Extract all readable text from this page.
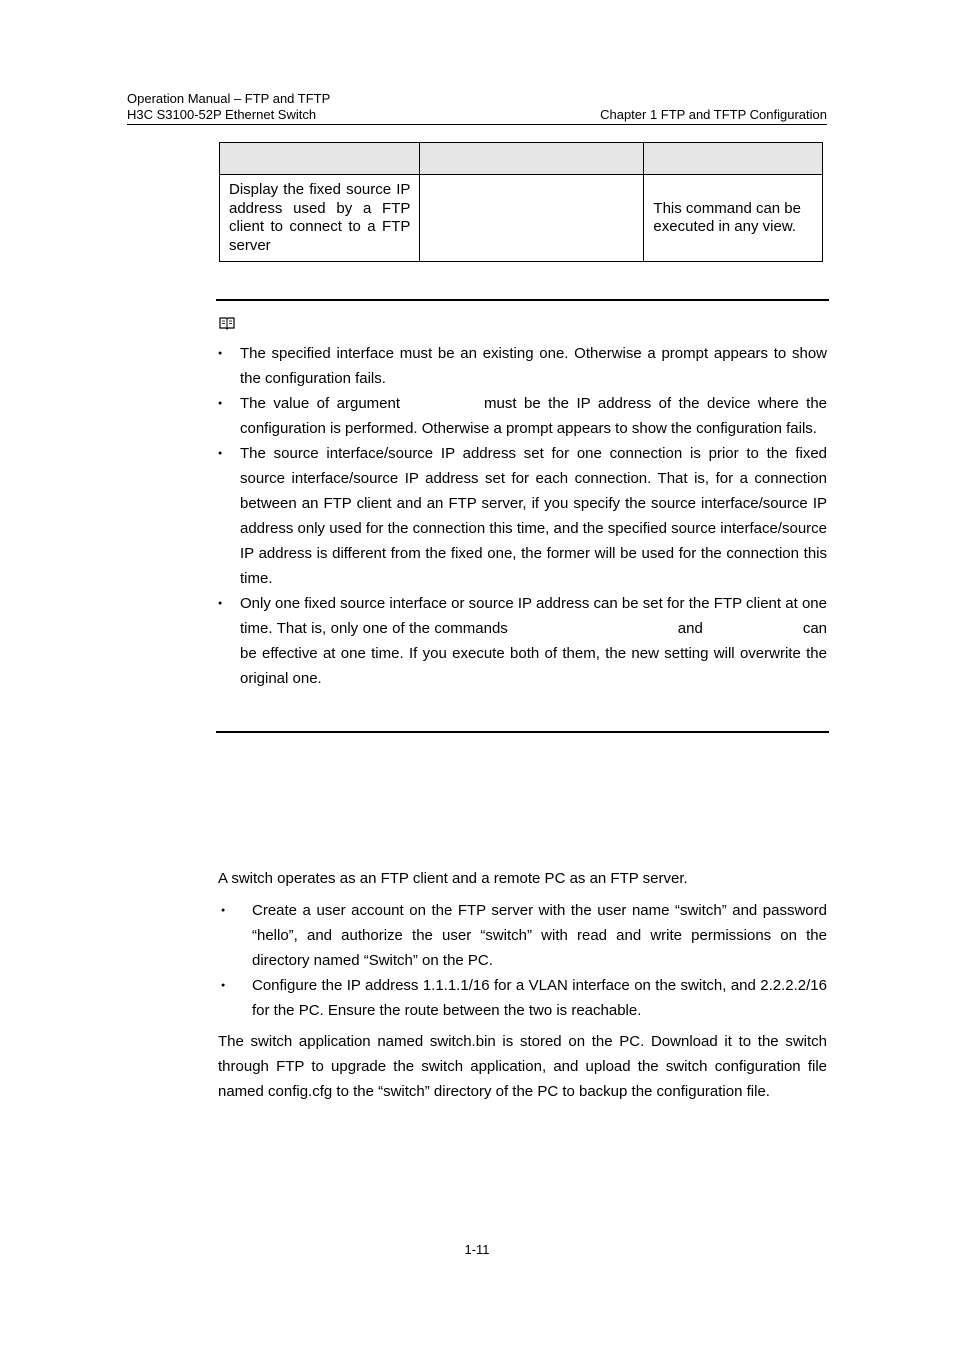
Operation Manual – FTP and TFTP
H3C S3100-52P Ethernet Switch	Chapter 1 FTP and TFTP Configuration

Display the fixed source IP address used by a FTP client to connect to a FTP server		This command can be executed in any view.
● The specified interface must be an existing one. Otherwise a prompt appears to show the configuration fails.
● The value of argument	must be the IP address of the device where the configuration is performed. Otherwise a prompt appears to show the configuration fails.
● The source interface/source IP address set for one connection is prior to the fixed source interface/source IP address set for each connection. That is, for a connection between an FTP client and an FTP server, if you specify the source interface/source IP address only used for the connection this time, and the specified source interface/source IP address is different from the fixed one, the former will be used for the connection this time.
● Only one fixed source interface or source IP address can be set for the FTP client at one time. That is, only one of the commands	and	can be effective at one time. If you execute both of them, the new setting will overwrite the original one.
A switch operates as an FTP client and a remote PC as an FTP server.
● Create a user account on the FTP server with the user name “switch” and password “hello”, and authorize the user “switch” with read and write permissions on the directory named “Switch” on the PC.
● Configure the IP address 1.1.1.1/16 for a VLAN interface on the switch, and 2.2.2.2/16 for the PC. Ensure the route between the two is reachable.
The switch application named switch.bin is stored on the PC. Download it to the switch through FTP to upgrade the switch application, and upload the switch configuration file named config.cfg to the “switch” directory of the PC to backup the configuration file.
1-11
